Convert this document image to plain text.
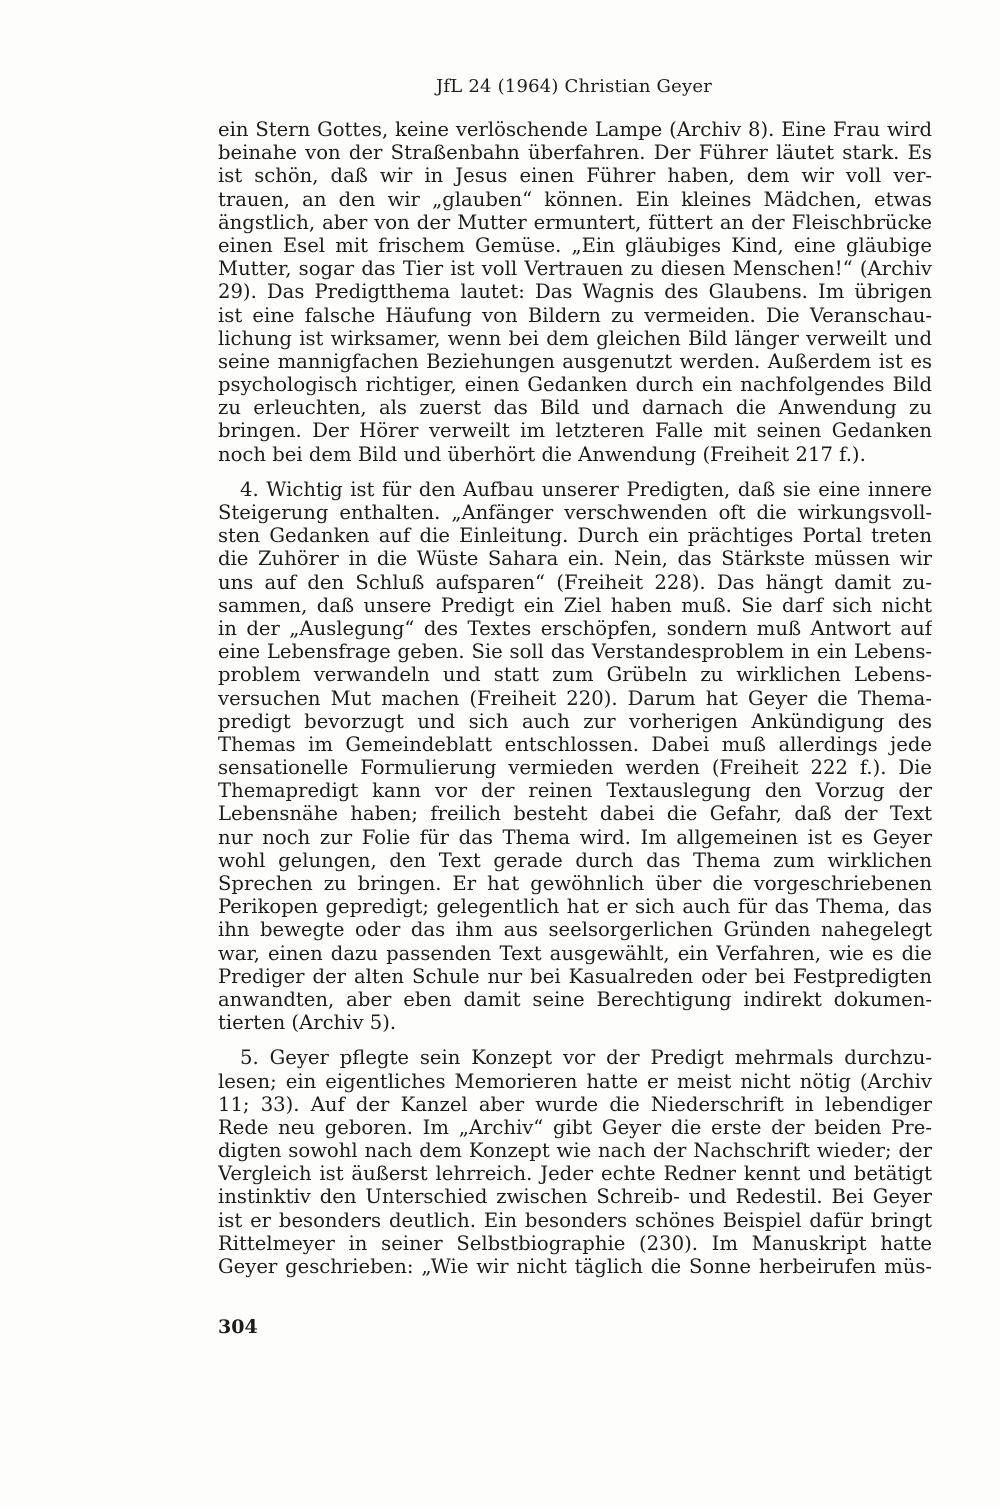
JfL 24 (1964) Christian Geyer
ein Stern Gottes, keine verlöschende Lampe (Archiv 8). Eine Frau wird
beinahe von der Straßenbahn überfahren. Der Führer läutet stark. Es
ist schön, daß wir in Jesus einen Führer haben, dem wir voll ver-
trauen, an den wir „glauben“ können. Ein kleines Mädchen, etwas
ängstlich, aber von der Mutter ermuntert, füttert an der Fleischbrücke
einen Esel mit frischem Gemüse. „Ein gläubiges Kind, eine gläubige
Mutter, sogar das Tier ist voll Vertrauen zu diesen Menschen!“ (Archiv
29). Das Predigtthema lautet: Das Wagnis des Glaubens. Im übrigen
ist eine falsche Häufung von Bildern zu vermeiden. Die Veranschau-
lichung ist wirksamer, wenn bei dem gleichen Bild länger verweilt und
seine mannigfachen Beziehungen ausgenutzt werden. Außerdem ist es
psychologisch richtiger, einen Gedanken durch ein nachfolgendes Bild
zu erleuchten, als zuerst das Bild und darnach die Anwendung zu
bringen. Der Hörer verweilt im letzteren Falle mit seinen Gedanken
noch bei dem Bild und überhört die Anwendung (Freiheit 217 f.).
4. Wichtig ist für den Aufbau unserer Predigten, daß sie eine innere
Steigerung enthalten. „Anfänger verschwenden oft die wirkungsvoll-
sten Gedanken auf die Einleitung. Durch ein prächtiges Portal treten
die Zuhörer in die Wüste Sahara ein. Nein, das Stärkste müssen wir
uns auf den Schluß aufsparen“ (Freiheit 228). Das hängt damit zu-
sammen, daß unsere Predigt ein Ziel haben muß. Sie darf sich nicht
in der „Auslegung“ des Textes erschöpfen, sondern muß Antwort auf
eine Lebensfrage geben. Sie soll das Verstandesproblem in ein Lebens-
problem verwandeln und statt zum Grübeln zu wirklichen Lebens-
versuchen Mut machen (Freiheit 220). Darum hat Geyer die Thema-
predigt bevorzugt und sich auch zur vorherigen Ankündigung des
Themas im Gemeindeblatt entschlossen. Dabei muß allerdings jede
sensationelle Formulierung vermieden werden (Freiheit 222 f.). Die
Themapredigt kann vor der reinen Textauslegung den Vorzug der
Lebensnähe haben; freilich besteht dabei die Gefahr, daß der Text
nur noch zur Folie für das Thema wird. Im allgemeinen ist es Geyer
wohl gelungen, den Text gerade durch das Thema zum wirklichen
Sprechen zu bringen. Er hat gewöhnlich über die vorgeschriebenen
Perikopen gepredigt; gelegentlich hat er sich auch für das Thema, das
ihn bewegte oder das ihm aus seelsorgerlichen Gründen nahegelegt
war, einen dazu passenden Text ausgewählt, ein Verfahren, wie es die
Prediger der alten Schule nur bei Kasualreden oder bei Festpredigten
anwandten, aber eben damit seine Berechtigung indirekt dokumen-
tierten (Archiv 5).
5. Geyer pflegte sein Konzept vor der Predigt mehrmals durchzu-
lesen; ein eigentliches Memorieren hatte er meist nicht nötig (Archiv
11; 33). Auf der Kanzel aber wurde die Niederschrift in lebendiger
Rede neu geboren. Im „Archiv“ gibt Geyer die erste der beiden Pre-
digten sowohl nach dem Konzept wie nach der Nachschrift wieder; der
Vergleich ist äußerst lehrreich. Jeder echte Redner kennt und betätigt
instinktiv den Unterschied zwischen Schreib- und Redestil. Bei Geyer
ist er besonders deutlich. Ein besonders schönes Beispiel dafür bringt
Rittelmeyer in seiner Selbstbiographie (230). Im Manuskript hatte
Geyer geschrieben: „Wie wir nicht täglich die Sonne herbeirufen müs-
304
